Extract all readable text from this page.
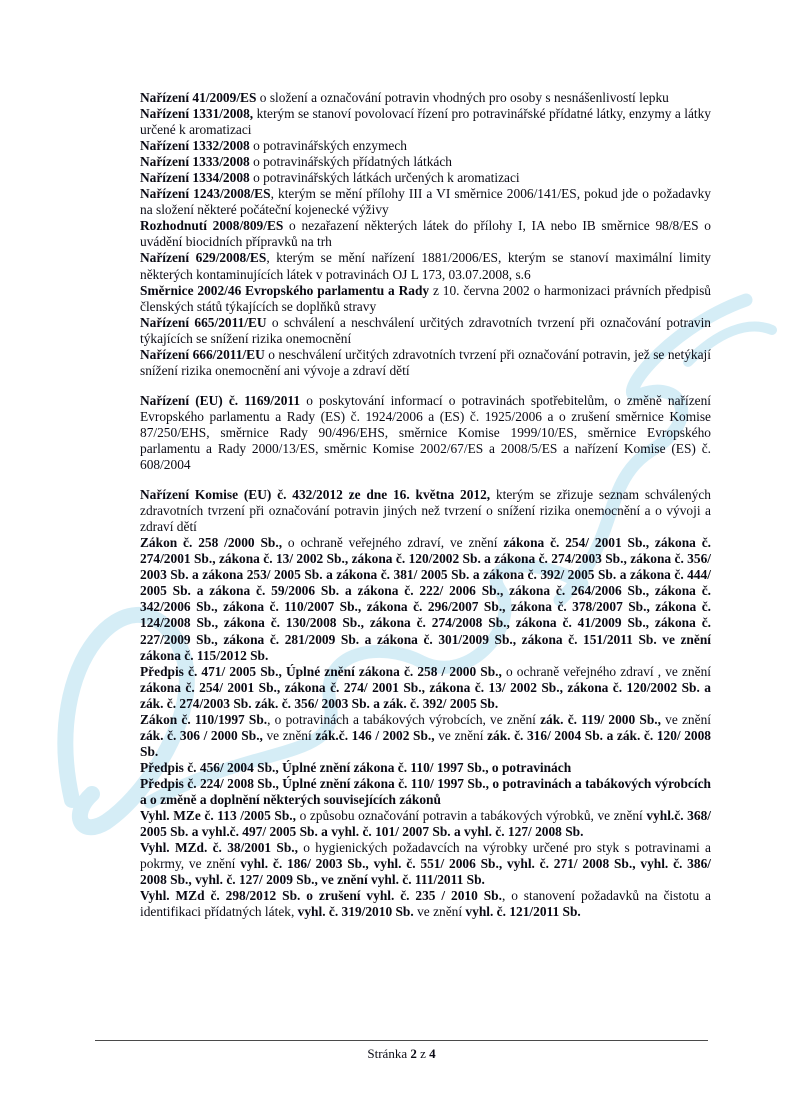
Nařízení 41/2009/ES o složení a označování potravin vhodných pro osoby s nesnášenlivostí lepku

Nařízení 1331/2008, kterým se stanoví povolovací řízení pro potravinářské přídatné látky, enzymy a látky určené k aromatizaci

Nařízení 1332/2008 o potravinářských enzymech

Nařízení 1333/2008 o potravinářských přídatných látkách

Nařízení 1334/2008 o potravinářských látkách určených k aromatizaci

Nařízení 1243/2008/ES, kterým se mění přílohy III a VI směrnice 2006/141/ES, pokud jde o požadavky na složení některé počáteční kojenecké výživy

Rozhodnutí 2008/809/ES o nezařazení některých látek do přílohy I, IA nebo IB směrnice 98/8/ES o uvádění biocidních přípravků na trh

Nařízení 629/2008/ES, kterým se mění nařízení 1881/2006/ES, kterým se stanoví maximální limity některých kontaminujících látek v potravinách OJ L 173, 03.07.2008, s.6

Směrnice 2002/46 Evropského parlamentu a Rady z 10. června 2002 o harmonizaci právních předpisů členských států týkajících se doplňků stravy

Nařízení 665/2011/EU o schválení a neschválení určitých zdravotních tvrzení při označování potravin týkajících se snížení rizika onemocnění

Nařízení 666/2011/EU o neschválení určitých zdravotních tvrzení při označování potravin, jež se netýkají snížení rizika onemocnění ani vývoje a zdraví dětí

Nařízení (EU) č. 1169/2011 o poskytování informací o potravinách spotřebitelům, o změně nařízení Evropského parlamentu a Rady (ES) č. 1924/2006 a (ES) č. 1925/2006 a o zrušení směrnice Komise 87/250/EHS, směrnice Rady 90/496/EHS, směrnice Komise 1999/10/ES, směrnice Evropského parlamentu a Rady 2000/13/ES, směrnic Komise 2002/67/ES a 2008/5/ES a nařízení Komise (ES) č. 608/2004

Nařízení Komise (EU) č. 432/2012 ze dne 16. května 2012, kterým se zřizuje seznam schválených zdravotních tvrzení při označování potravin jiných než tvrzení o snížení rizika onemocnění a o vývoji a zdraví dětí

Zákon č. 258 /2000 Sb., o ochraně veřejného zdraví, ve znění zákona č. 254/ 2001 Sb., zákona č. 274/2001 Sb., zákona č. 13/ 2002 Sb., zákona č. 120/2002 Sb. a zákona č. 274/2003 Sb., zákona č. 356/ 2003 Sb. a zákona 253/ 2005 Sb. a zákona č. 381/ 2005 Sb. a zákona č. 392/ 2005 Sb. a zákona č. 444/ 2005 Sb. a zákona č. 59/2006 Sb. a zákona č. 222/ 2006 Sb., zákona č. 264/2006 Sb., zákona č. 342/2006 Sb., zákona č. 110/2007 Sb., zákona č. 296/2007 Sb., zákona č. 378/2007 Sb., zákona č. 124/2008 Sb., zákona č. 130/2008 Sb., zákona č. 274/2008 Sb., zákona č. 41/2009 Sb., zákona č. 227/2009 Sb., zákona č. 281/2009 Sb. a zákona č. 301/2009 Sb., zákona č. 151/2011 Sb. ve znění zákona č. 115/2012 Sb.

Předpis č. 471/ 2005 Sb., Úplné znění zákona č. 258 / 2000 Sb., o ochraně veřejného zdraví , ve znění zákona č. 254/ 2001 Sb., zákona č. 274/ 2001 Sb., zákona č. 13/ 2002 Sb., zákona č. 120/2002 Sb. a zák. č. 274/2003 Sb. zák. č. 356/ 2003 Sb. a zák. č. 392/ 2005 Sb.

Zákon č. 110/1997 Sb., o potravinách a tabákových výrobcích, ve znění zák. č. 119/ 2000 Sb., ve znění zák. č. 306 / 2000 Sb., ve znění zák.č. 146 / 2002 Sb., ve znění zák. č. 316/ 2004 Sb. a zák. č. 120/ 2008 Sb.

Předpis č. 456/ 2004 Sb., Úplné znění zákona č. 110/ 1997 Sb., o potravinách

Předpis č. 224/ 2008 Sb., Úplné znění zákona č. 110/ 1997 Sb., o potravinách a tabákových výrobcích a o změně a doplnění některých souvisejících zákonů

Vyhl. MZe č. 113 /2005 Sb., o způsobu označování potravin a tabákových výrobků, ve znění vyhl.č. 368/ 2005 Sb. a vyhl.č. 497/ 2005 Sb. a vyhl. č. 101/ 2007 Sb. a vyhl. č. 127/ 2008 Sb.

Vyhl. MZd. č. 38/2001 Sb., o hygienických požadavcích na výrobky určené pro styk s potravinami a pokrmy, ve znění vyhl. č. 186/ 2003 Sb., vyhl. č. 551/ 2006 Sb., vyhl. č. 271/ 2008 Sb., vyhl. č. 386/ 2008 Sb., vyhl. č. 127/ 2009 Sb., ve znění vyhl. č. 111/2011 Sb.

Vyhl. MZd č. 298/2012 Sb. o zrušení vyhl. č. 235 / 2010 Sb., o stanovení požadavků na čistotu a identifikaci přídatných látek, vyhl. č. 319/2010 Sb. ve znění vyhl. č. 121/2011 Sb.

Stránka 2 z 4
